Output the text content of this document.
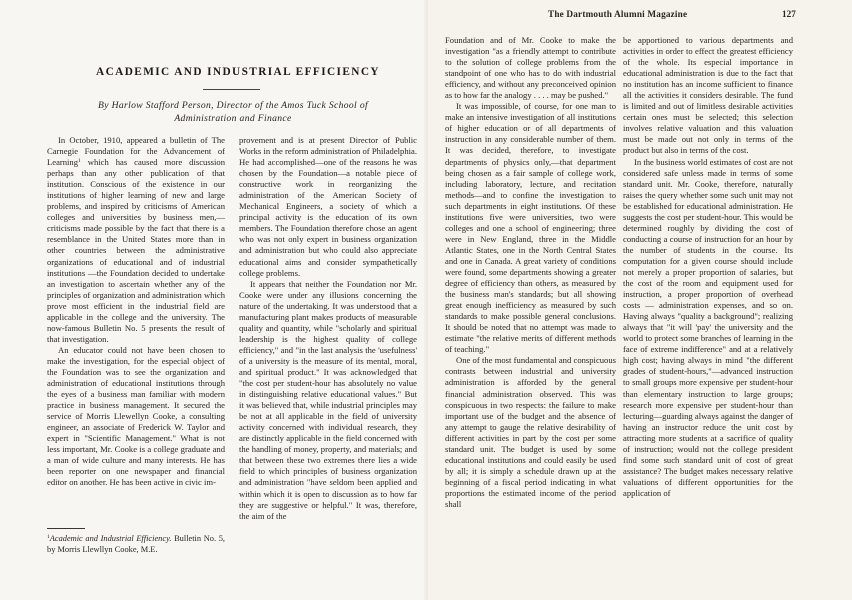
ACADEMIC AND INDUSTRIAL EFFICIENCY
By Harlow Stafford Person, Director of the Amos Tuck School of
Administration and Finance

In October, 1910, appeared a bulletin of The Carnegie Foundation for the Advancement of Learning$^1$ which has caused more discussion perhaps than any other publication of that institution. Conscious of the existence in our institutions of higher learning of new and large problems, and inspired by criticisms of American colleges and universities by business men,—criticisms made possible by the fact that there is a resemblance in the United States more than in other countries between the administrative organizations of educational and of industrial institutions —the Foundation decided to undertake an investigation to ascertain whether any of the principles of organization and administration which prove most efficient in the industrial field are applicable in the college and the university. The now-famous Bulletin No. 5 presents the result of that investigation.

An educator could not have been chosen to make the investigation, for the especial object of the Foundation was to see the organization and administration of educational institutions through the eyes of a business man familiar with modern practice in business management. It secured the service of Morris Llewellyn Cooke, a consulting engineer, an associate of Frederick W. Taylor and expert in "Scientific Management." What is not less important, Mr. Cooke is a college graduate and a man of wide culture and many interests. He has been reporter on one newspaper and financial editor on another. He has been active in civic im-

$^1$Academic and Industrial Efficiency. Bulletin No. 5, by Morris Llewllyn Cooke, M.E.

provement and is at present Director of Public Works in the reform administration of Philadelphia. He had accomplished—one of the reasons he was chosen by the Foundation—a notable piece of constructive work in reorganizing the administration of the American Society of Mechanical Engineers, a society of which a principal activity is the education of its own members. The Foundation therefore chose an agent who was not only expert in business organization and administration but who could also appreciate educational aims and consider sympathetically college problems.

It appears that neither the Foundation nor Mr. Cooke were under any illusions concerning the nature of the undertaking. It was understood that a manufacturing plant makes products of measurable quality and quantity, while "scholarly and spiritual leadership is the highest quality of college efficiency," and "in the last analysis the 'usefulness' of a university is the measure of its mental, moral, and spiritual product." It was acknowledged that "the cost per student-hour has absolutely no value in distinguishing relative educational values." But it was believed that, while industrial principles may be not at all applicable in the field of university activity concerned with individual research, they are distinctly applicable in the field concerned with the handling of money, property, and materials; and that between these two extremes there lies a wide field to which principles of business organization and administration "have seldom been applied and within which it is open to discussion as to how far they are suggestive or helpful." It was, therefore, the aim of the

The Dartmouth Alumni Magazine	127

Foundation and of Mr. Cooke to make the investigation "as a friendly attempt to contribute to the solution of college problems from the standpoint of one who has to do with industrial efficiency, and without any preconceived opinion as to how far the analogy . . . . may be pushed."

It was impossible, of course, for one man to make an intensive investigation of all institutions of higher education or of all departments of instruction in any considerable number of them. It was decided, therefore, to investigate departments of physics only,—that department being chosen as a fair sample of college work, including laboratory, lecture, and recitation methods—and to confine the investigation to such departments in eight institutions. Of these institutions five were universities, two were colleges and one a school of engineering; three were in New England, three in the Middle Atlantic States, one in the North Central States and one in Canada. A great variety of conditions were found, some departments showing a greater degree of efficiency than others, as measured by the business man's standards; but all showing great enough inefficiency as measured by such standards to make possible general conclusions. It should be noted that no attempt was made to estimate "the relative merits of different methods of teaching."

One of the most fundamental and conspicuous contrasts between industrial and university administration is afforded by the general financial administration observed. This was conspicuous in two respects: the failure to make important use of the budget and the absence of any attempt to gauge the relative desirability of different activities in part by the cost per some standard unit. The budget is used by some educational institutions and could easily be used by all; it is simply a schedule drawn up at the beginning of a fiscal period indicating in what proportions the estimated income of the period shall

be apportioned to various departments and activities in order to effect the greatest efficiency of the whole. Its especial importance in educational administration is due to the fact that no institution has an income sufficient to finance all the activities it considers desirable. The fund is limited and out of limitless desirable activities certain ones must be selected; this selection involves relative valuation and this valuation must be made out not only in terms of the product but also in terms of the cost.

In the business world estimates of cost are not considered safe unless made in terms of some standard unit. Mr. Cooke, therefore, naturally raises the query whether some such unit may not be established for educational administration. He suggests the cost per student-hour. This would be determined roughly by dividing the cost of conducting a course of instruction for an hour by the number of students in the course. Its computation for a given course should include not merely a proper proportion of salaries, but the cost of the room and equipment used for instruction, a proper proportion of overhead costs — administration expenses, and so on. Having always "quality a background"; realizing always that "it will 'pay' the university and the world to protect some branches of learning in the face of extreme indifference" and at a relatively high cost; having always in mind "the different grades of student-hours,"—advanced instruction to small groups more expensive per student-hour than elementary instruction to large groups; research more expensive per student-hour than lecturing—guarding always against the danger of having an instructor reduce the unit cost by attracting more students at a sacrifice of quality of instruction; would not the college president find some such standard unit of cost of great assistance? The budget makes necessary relative valuations of different opportunities for the application of
